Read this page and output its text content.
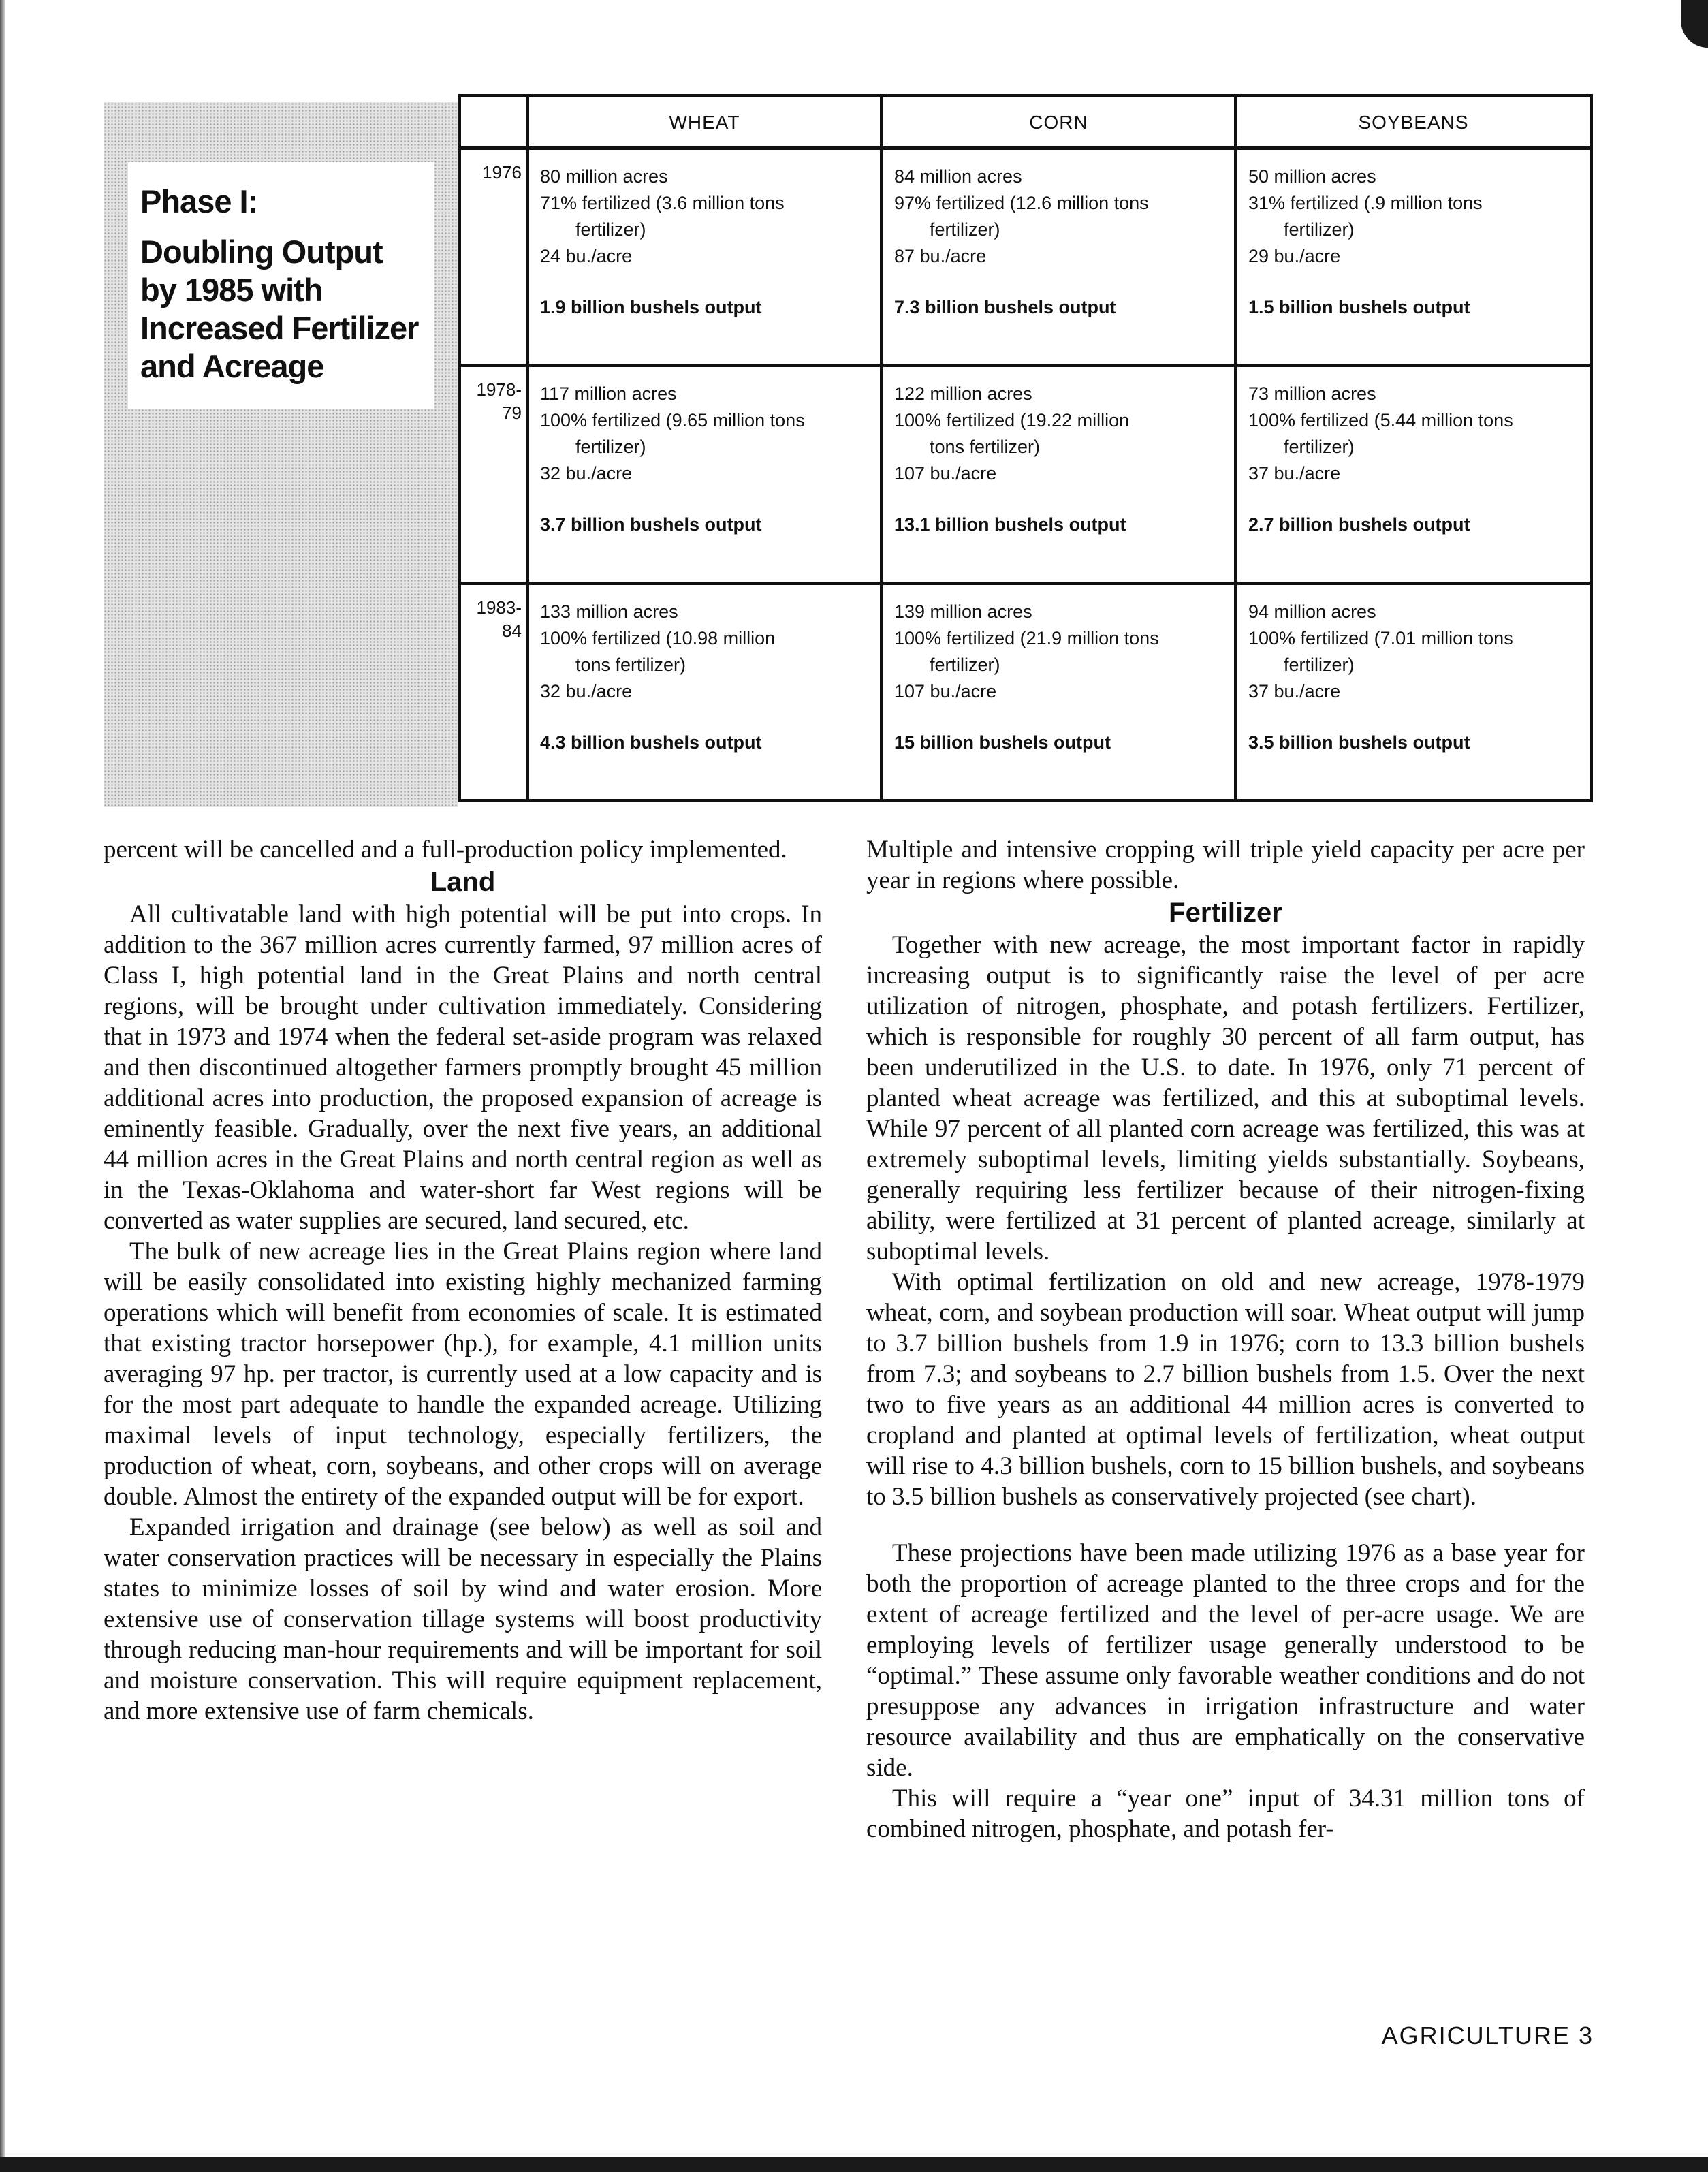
Phase I:

Doubling Output by 1985 with Increased Fertilizer and Acreage

	WHEAT	CORN	SOYBEANS
1976	80 million acres
71% fertilized (3.6 million tons
fertilizer)
24 bu./acre
1.9 billion bushels output	84 million acres
97% fertilized (12.6 million tons
fertilizer)
87 bu./acre
7.3 billion bushels output	50 million acres
31% fertilized (.9 million tons
fertilizer)
29 bu./acre
1.5 billion bushels output

1978-79	117 million acres
100% fertilized (9.65 million tons
fertilizer)
32 bu./acre
3.7 billion bushels output	122 million acres
100% fertilized (19.22 million
tons fertilizer)
107 bu./acre
13.1 billion bushels output	73 million acres
100% fertilized (5.44 million tons
fertilizer)
37 bu./acre
2.7 billion bushels output

1983-84	133 million acres
100% fertilized (10.98 million
tons fertilizer)
32 bu./acre
4.3 billion bushels output	139 million acres
100% fertilized (21.9 million tons
fertilizer)
107 bu./acre
15 billion bushels output	94 million acres
100% fertilized (7.01 million tons
fertilizer)
37 bu./acre
3.5 billion bushels output

percent will be cancelled and a full-production policy implemented.

Land

All cultivatable land with high potential will be put into crops. In addition to the 367 million acres currently farmed, 97 million acres of Class I, high potential land in the Great Plains and north central regions, will be brought under cultivation immediately. Considering that in 1973 and 1974 when the federal set-aside program was relaxed and then discontinued altogether farmers promptly brought 45 million additional acres into production, the proposed expansion of acreage is eminently feasible. Gradually, over the next five years, an additional 44 million acres in the Great Plains and north central region as well as in the Texas-Oklahoma and water-short far West regions will be converted as water supplies are secured, land secured, etc.

The bulk of new acreage lies in the Great Plains region where land will be easily consolidated into existing highly mechanized farming operations which will benefit from economies of scale. It is estimated that existing tractor horsepower (hp.), for example, 4.1 million units averaging 97 hp. per tractor, is currently used at a low capacity and is for the most part adequate to handle the expanded acreage. Utilizing maximal levels of input technology, especially fertilizers, the production of wheat, corn, soybeans, and other crops will on average double. Almost the entirety of the expanded output will be for export.

Expanded irrigation and drainage (see below) as well as soil and water conservation practices will be necessary in especially the Plains states to minimize losses of soil by wind and water erosion. More extensive use of conservation tillage systems will boost productivity through reducing man-hour requirements and will be important for soil and moisture conservation. This will require equipment replacement, and more extensive use of farm chemicals.

Multiple and intensive cropping will triple yield capacity per acre per year in regions where possible.

Fertilizer

Together with new acreage, the most important factor in rapidly increasing output is to significantly raise the level of per acre utilization of nitrogen, phosphate, and potash fertilizers. Fertilizer, which is responsible for roughly 30 percent of all farm output, has been underutilized in the U.S. to date. In 1976, only 71 percent of planted wheat acreage was fertilized, and this at suboptimal levels. While 97 percent of all planted corn acreage was fertilized, this was at extremely suboptimal levels, limiting yields substantially. Soybeans, generally requiring less fertilizer because of their nitrogen-fixing ability, were fertilized at 31 percent of planted acreage, similarly at suboptimal levels.

With optimal fertilization on old and new acreage, 1978-1979 wheat, corn, and soybean production will soar. Wheat output will jump to 3.7 billion bushels from 1.9 in 1976; corn to 13.3 billion bushels from 7.3; and soybeans to 2.7 billion bushels from 1.5. Over the next two to five years as an additional 44 million acres is converted to cropland and planted at optimal levels of fertilization, wheat output will rise to 4.3 billion bushels, corn to 15 billion bushels, and soybeans to 3.5 billion bushels as conservatively projected (see chart).

These projections have been made utilizing 1976 as a base year for both the proportion of acreage planted to the three crops and for the extent of acreage fertilized and the level of per-acre usage. We are employing levels of fertilizer usage generally understood to be “optimal.” These assume only favorable weather conditions and do not presuppose any advances in irrigation infrastructure and water resource availability and thus are emphatically on the conservative side.

This will require a “year one” input of 34.31 million tons of combined nitrogen, phosphate, and potash fer-

AGRICULTURE 3
